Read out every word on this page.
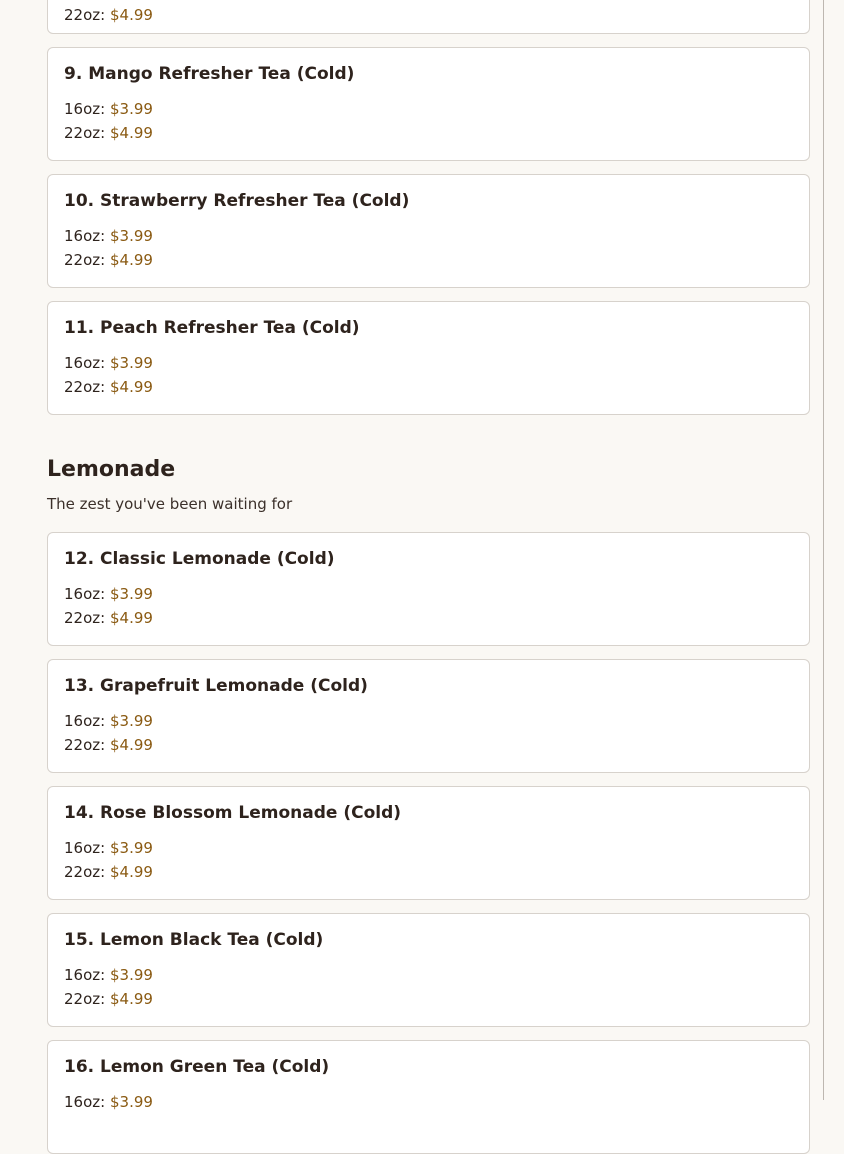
22oz: $4.99
9. Mango Refresher Tea (Cold)
16oz: $3.99
22oz: $4.99
10. Strawberry Refresher Tea (Cold)
16oz: $3.99
22oz: $4.99
11. Peach Refresher Tea (Cold)
16oz: $3.99
22oz: $4.99
Lemonade
The zest you've been waiting for
12. Classic Lemonade (Cold)
16oz: $3.99
22oz: $4.99
13. Grapefruit Lemonade (Cold)
16oz: $3.99
22oz: $4.99
14. Rose Blossom Lemonade (Cold)
16oz: $3.99
22oz: $4.99
15. Lemon Black Tea (Cold)
16oz: $3.99
22oz: $4.99
16. Lemon Green Tea (Cold)
16oz: $3.99
